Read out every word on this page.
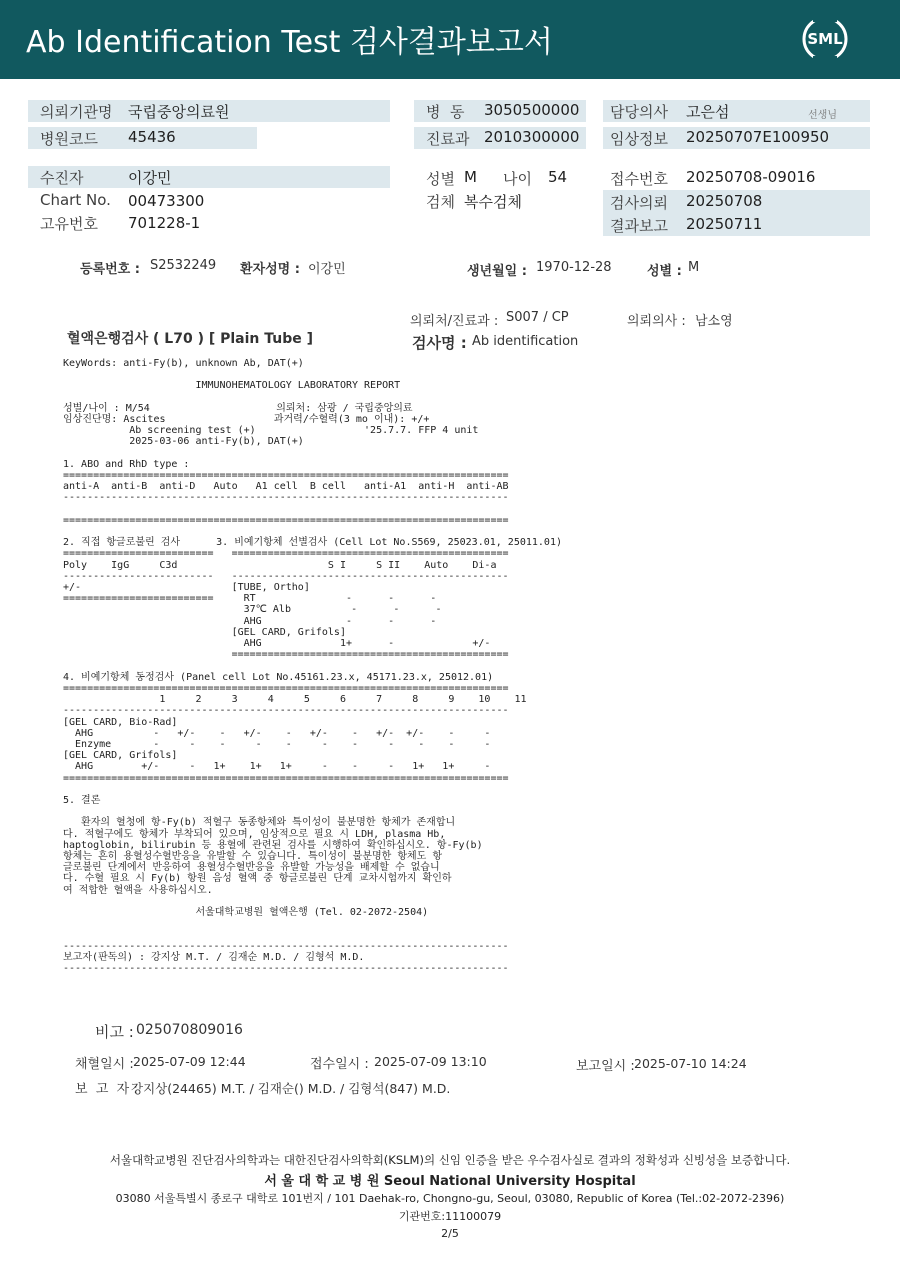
Ab Identification Test 검사결과보고서	SML
의뢰기관명 국립중앙의료원
병원코드 45436
병  동 3050500000
진료과 2010300000
담당의사 고은섬	선생님
임상정보 20250707E100950
수진자	이강민
Chart No. 00473300
고유번호 701228-1
성별 M 나이 54
검체 복수검체
접수번호 20250708-09016
검사의뢰 20250708
결과보고 20250711
등록번호 : S2532249 환자성명 : 이강민	생년월일 : 1970-12-28	성별 : M
의뢰처/진료과 : S007 / CP	의뢰의사 : 남소영
혈액은행검사 ( L70 ) [ Plain Tube ]	검사명 : Ab identification
KeyWords: anti-Fy(b), unknown Ab, DAT(+)

IMMUNOHEMATOLOGY LABORATORY REPORT

성별/나이 : M/54                     의뢰처: 삼광 / 국립중앙의료
임상진단명: Ascites                  과거력/수혈력(3 mo 이내): +/+
Ab screening test (+)                  '25.7.7. FFP 4 unit
2025-03-06 anti-Fy(b), DAT(+)

1. ABO and RhD type :
==========================================================================
anti-A  anti-B  anti-D   Auto   A1 cell  B cell   anti-A1  anti-H  anti-AB
--------------------------------------------------------------------------

==========================================================================

2. 직접 항글로불린 검사      3. 비예기항체 선별검사 (Cell Lot No.S569, 25023.01, 25011.01)
=========================   ==============================================
Poly    IgG     C3d                         S I     S II    Auto    Di-a
-------------------------   ----------------------------------------------
+/-                         [TUBE, Ortho]
=========================     RT               -      -      -
37℃ Alb          -      -      -
AHG              -      -      -
[GEL CARD, Grifols]
AHG             1+      -             +/-
==============================================

4. 비예기항체 동정검사 (Panel cell Lot No.45161.23.x, 45171.23.x, 25012.01)
==========================================================================
1     2     3     4     5     6     7     8     9    10    11
--------------------------------------------------------------------------
[GEL CARD, Bio-Rad]
AHG          -   +/-    -   +/-    -   +/-    -   +/-  +/-    -     -
Enzyme       -     -    -     -    -     -    -     -    -    -     -
[GEL CARD, Grifols]
AHG        +/-     -   1+    1+   1+     -    -     -   1+   1+     -
==========================================================================

5. 결론

환자의 혈청에 항-Fy(b) 적혈구 동종항체와 특이성이 불분명한 항체가 존재합니
다. 적혈구에도 항체가 부착되어 있으며, 임상적으로 필요 시 LDH, plasma Hb,
haptoglobin, bilirubin 등 용혈에 관련된 검사를 시행하여 확인하십시오. 항-Fy(b)
항체는 흔히 용혈성수혈반응을 유발할 수 있습니다. 특이성이 불분명한 항체도 항
글로불린 단계에서 반응하여 용혈성수혈반응을 유발할 가능성을 배제할 수 없습니
다. 수혈 필요 시 Fy(b) 항원 음성 혈액 중 항글로불린 단계 교차시험까지 확인하
여 적합한 혈액을 사용하십시오.

서울대학교병원 혈액은행 (Tel. 02-2072-2504)

--------------------------------------------------------------------------
보고자(판독의) : 강지상 M.T. / 김재순 M.D. / 김형석 M.D.
--------------------------------------------------------------------------
비고 : 025070809016
채혈일시 : 2025-07-09 12:44	접수일시 : 2025-07-09 13:10	보고일시 : 2025-07-10 14:24
보  고  자 :
강지상(24465) M.T. / 김재순() M.D. / 김형석(847) M.D.
서울대학교병원 진단검사의학과는 대한진단검사의학회(KSLM)의 신임 인증을 받은 우수검사실로 결과의 정확성과 신빙성을 보증합니다.
서 울 대 학 교 병 원 Seoul National University Hospital
03080 서울특별시 종로구 대학로 101번지 / 101 Daehak-ro, Chongno-gu, Seoul, 03080, Republic of Korea (Tel.:02-2072-2396)
기관번호:11100079
2/5
